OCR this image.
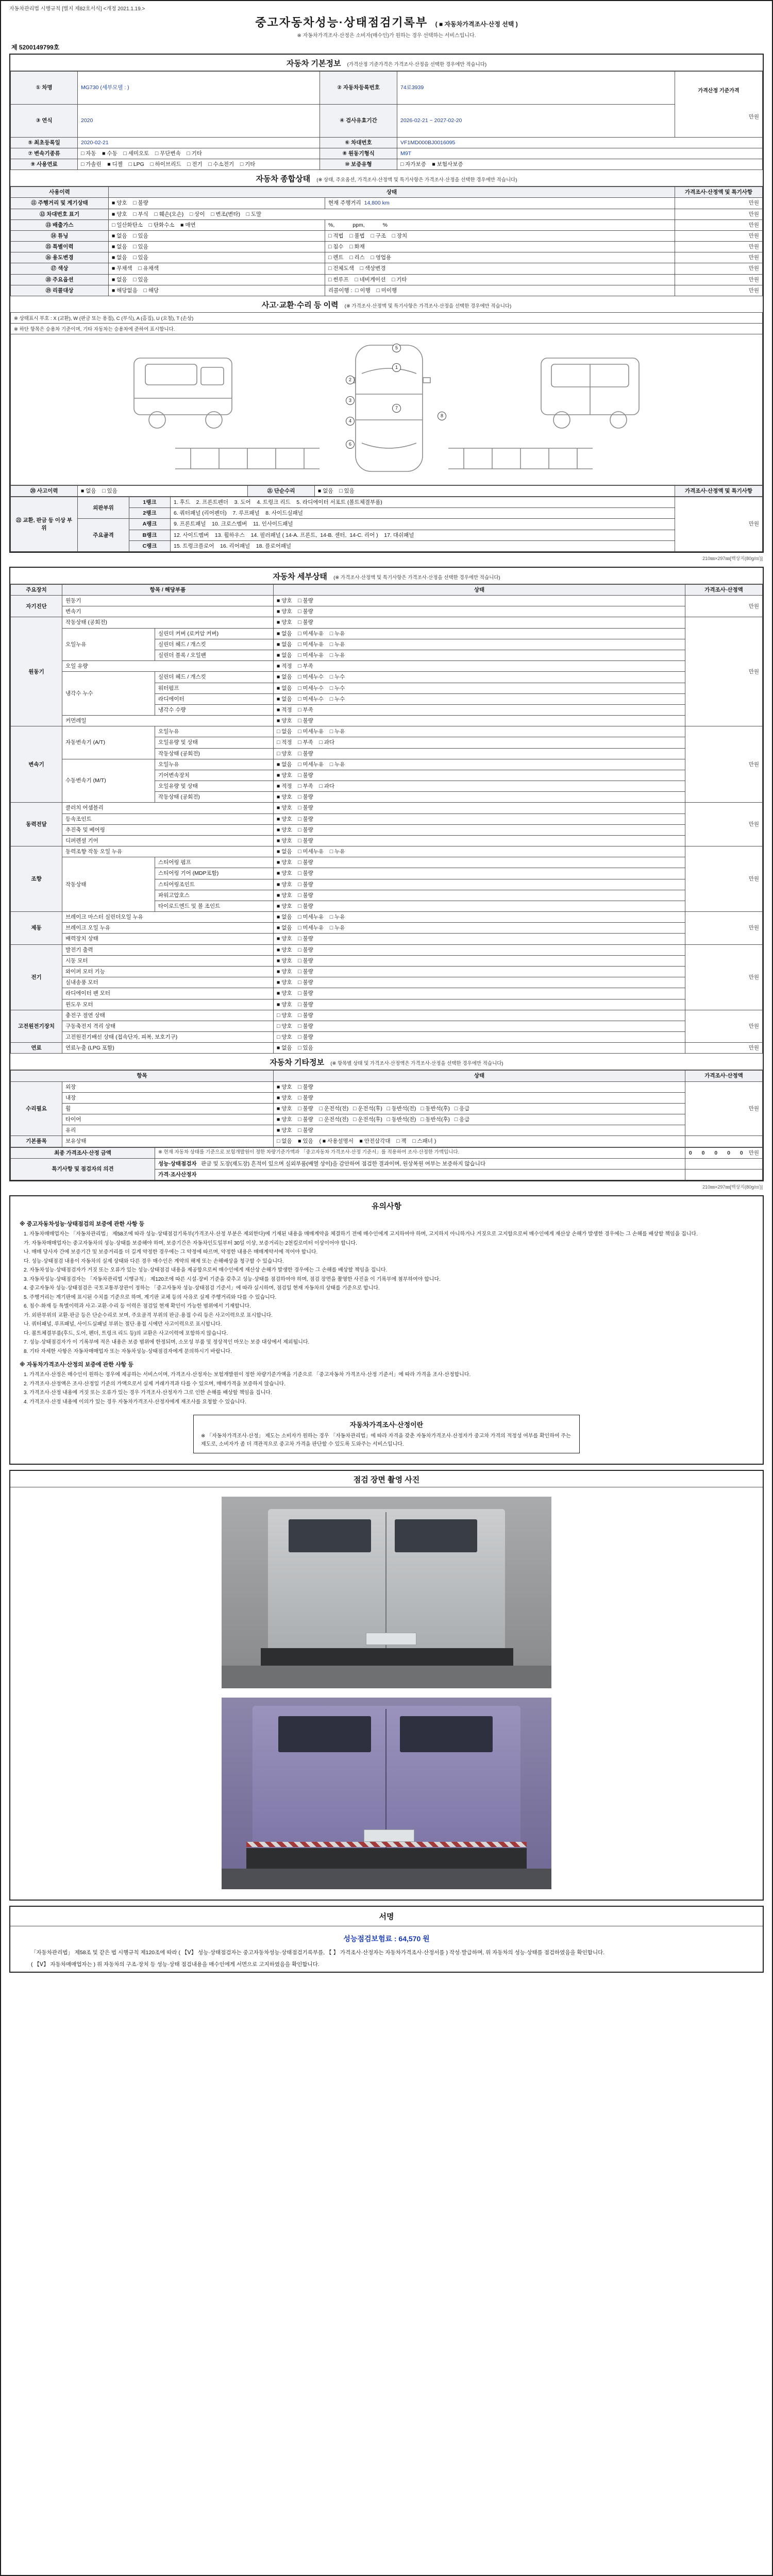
자동차관리법 시행규칙 [별지 제82호서식] <개정 2021.1.19.>
중고자동차성능·상태점검기록부 ( ■ 자동차가격조사·산정 선택 )
※ 자동차가격조사·산정은 소비자(매수인)가 원하는 경우 선택하는 서비스입니다.
제 5200149799호
자동차 기본정보 (가격산정 기준가격은 가격조사·산정을 선택한 경우에만 적습니다)
① 차명	MG730 (세부모델 : )	② 자동차등록번호	74로3939	가격산정 기준가격

만원

③ 연식	2020	④ 검사유효기간	2026-02-21 ~ 2027-02-20	
⑤ 최초등록일	2020-02-21	⑥ 차대번호	VF1MD000BJ0016095	
⑦ 변속기종류	□ 자동    ■ 수동    □ 세미오토    □ 무단변속    □ 기타	⑧ 원동기형식	M9T	
⑨ 사용연료	□ 가솔린    ■ 디젤    □ LPG    □ 하이브리드    □ 전기    □ 수소전기    □ 기타	⑩ 보증유형	□ 자가보증    ■ 보험사보증	
자동차 종합상태 (※ 상태, 주요옵션, 가격조사·산정액 및 특기사항은 가격조사·산정을 선택한 경우에만 적습니다)
사용이력	상태		가격조사·산정액 및 특기사항
⑪ 주행거리 및 계기상태	■ 양호    □ 불량	현재 주행거리 14,800 km	만원
⑫ 차대번호 표기	■ 양호    □ 부식    □ 훼손(오손)    □ 상이    □ 변조(변타)    □ 도말		만원
⑬ 배출가스	□ 일산화탄소    □ 탄화수소    ■ 매연	%,            ppm,            %	만원
⑭ 튜닝	■ 없음    □ 있음	□ 적법    □ 불법 □ 구조    □ 장치	만원
⑮ 특별이력	■ 없음    □ 있음	□ 침수    □ 화재	만원
⑯ 용도변경	■ 없음    □ 있음	□ 렌트    □ 리스    □ 영업용	만원
⑰ 색상	■ 무채색    □ 유채색	□ 전체도색    □ 색상변경	만원
⑱ 주요옵션	■ 없음    □ 있음	□ 썬루프    □ 네비게이션    □ 기타	만원
⑲ 리콜대상	■ 해당없음    □ 해당	리콜이행 :  □ 이행    □ 미이행	만원
사고·교환·수리 등 이력 (※ 가격조사·산정액 및 특기사항은 가격조사·산정을 선택한 경우에만 적습니다)
※ 상태표시 부호 : X (교환), W (판금 또는 용접), C (부식), A (흠집), U (요철), T (손상)
※ 하단 항목은 승용차 기준이며, 기타 자동차는 승용차에 준하여 표시합니다.
1
2
3
4
5
6
7
8
⑳ 사고이력	■ 없음    □ 있음	㉑ 단순수리	■ 없음    □ 있음	가격조사·산정액 및 특기사항
㉒ 교환, 판금 등 이상 부위	외판부위	1랭크	1. 후드    2. 프론트펜더    3. 도어    4. 트렁크 리드    5. 라디에이터 서포트 (볼트체결부품)	만원
		2랭크	6. 쿼터패널 (리어펜더)    7. 루프패널    8. 사이드실패널	
	주요골격	A랭크	9. 프론트패널    10. 크로스멤버    11. 인사이드패널	
		B랭크	12. 사이드멤버    13. 휠하우스    14. 필러패널 ( 14-A. 프론트,  14-B. 센터,  14-C. 리어 )    17. 대쉬패널	
		C랭크	15. 트렁크플로어    16. 리어패널    18. 플로어패널	
210㎜×297㎜[백상지(80g/㎡)]
자동차 세부상태 (※ 가격조사·산정액 및 특기사항은 가격조사·산정을 선택한 경우에만 적습니다)
주요장치	항목 / 해당부품		상태	가격조사·산정액
자기진단	원동기		■ 양호    □ 불량	만원
	변속기		■ 양호    □ 불량	
원동기	작동상태 (공회전)		■ 양호    □ 불량	만원
	오일누유	실린더 커버 (로커암 커버)	■ 없음    □ 미세누유    □ 누유	
		실린더 헤드 / 개스킷	■ 없음    □ 미세누유    □ 누유	
		실린더 블록 / 오일팬	■ 없음    □ 미세누유    □ 누유	
	오일 유량		■ 적정    □ 부족	
	냉각수 누수	실린더 헤드 / 개스킷	■ 없음    □ 미세누수    □ 누수	
		워터펌프	■ 없음    □ 미세누수    □ 누수	
		라디에이터	■ 없음    □ 미세누수    □ 누수	
		냉각수 수량	■ 적정    □ 부족	
	커먼레일		■ 양호    □ 불량	
변속기	자동변속기 (A/T)	오일누유	□ 없음    □ 미세누유    □ 누유	만원
		오일유량 및 상태	□ 적정    □ 부족    □ 과다	
		작동상태 (공회전)	□ 양호    □ 불량	
	수동변속기 (M/T)	오일누유	■ 없음    □ 미세누유    □ 누유	
		기어변속장치	■ 양호    □ 불량	
		오일유량 및 상태	■ 적정    □ 부족    □ 과다	
		작동상태 (공회전)	■ 양호    □ 불량	
동력전달	클러치 어셈블리		■ 양호    □ 불량	만원
	등속조인트		■ 양호    □ 불량	
	추진축 및 베어링		■ 양호    □ 불량	
	디퍼렌셜 기어		■ 양호    □ 불량	
조향	동력조향 작동 오일 누유		■ 없음    □ 미세누유    □ 누유	만원
	작동상태	스티어링 펌프	■ 양호    □ 불량	
		스티어링 기어 (MDP포함)	■ 양호    □ 불량	
		스티어링조인트	■ 양호    □ 불량	
		파워고압호스	■ 양호    □ 불량	
		타이로드엔드 및 볼 조인트	■ 양호    □ 불량	
제동	브레이크 마스터 실린더오일 누유		■ 없음    □ 미세누유    □ 누유	만원
	브레이크 오일 누유		■ 없음    □ 미세누유    □ 누유	
	배력장치 상태		■ 양호    □ 불량	
전기	발전기 출력		■ 양호    □ 불량	만원
	시동 모터		■ 양호    □ 불량	
	와이퍼 모터 기능		■ 양호    □ 불량	
	실내송풍 모터		■ 양호    □ 불량	
	라디에이터 팬 모터		■ 양호    □ 불량	
	윈도우 모터		■ 양호    □ 불량	
고전원전기장치	충전구 절연 상태		□ 양호    □ 불량	만원
	구동축전지 격리 상태		□ 양호    □ 불량	
	고전원전기배선 상태 (접속단자, 피복, 보호기구)		□ 양호    □ 불량	
연료	연료누출 (LPG 포함)		■ 없음    □ 있음	만원
자동차 기타정보 (※ 항목별 상태 및 가격조사·산정액은 가격조사·산정을 선택한 경우에만 적습니다)
항목		상태	가격조사·산정액
수리필요	외장	■ 양호    □ 불량	만원
	내장	■ 양호    □ 불량	
	휠	■ 양호    □ 불량 □ 운전석(전)   □ 운전석(후)   □ 동반석(전)   □ 동반석(후)   □ 응급	
	타이어	■ 양호    □ 불량 □ 운전석(전)   □ 운전석(후)   □ 동반석(전)   □ 동반석(후)   □ 응급	
	유리	■ 양호    □ 불량	
기본품목	보유상태	□ 없음    ■ 있음 ( ■ 사용설명서    ■ 안전삼각대    □ 잭    □ 스패너 )	
최종 가격조사·산정 금액	※ 현재 자동차 상태를 기준으로 보험개발원이 정한 차량기준가액과 「중고자동차 가격조사·산정 기준서」를 적용하여 조사·산정한 가액입니다.	0 0 0 0 0 만원
특기사항 및 점검자의 의견	성능·상태점검자 판금 및 도장(재도장) 흔적이 있으며 실외부품(배열 상이)을 감안하여 점검한 결과이며, 원상복원 여부는 보증하지 않습니다	
	가격·조사산정자	
210㎜×297㎜[백상지(80g/㎡)]
유의사항
※ 중고자동차성능·상태점검의 보증에 관한 사항 등
1. 자동차매매업자는 「자동차관리법」 제58조에 따라 성능·상태점검기록부(가격조사·산정 부분은 제외한다)에 기재된 내용을 매매계약을 체결하기 전에 매수인에게 고지하여야 하며, 고지하지 아니하거나 거짓으로 고지함으로써 매수인에게 재산상 손해가 발생한 경우에는 그 손해를 배상할 책임을 집니다.
가. 자동차매매업자는 중고자동차의 성능·상태를 보증해야 하며, 보증기간은 자동차인도일부터 30일 이상, 보증거리는 2천킬로미터 이상이어야 합니다.
나. 매매 당사자 간에 보증기간 및 보증거리를 더 길게 약정한 경우에는 그 약정에 따르며, 약정한 내용은 매매계약서에 적어야 합니다.
다. 성능·상태점검 내용이 자동차의 실제 상태와 다른 경우 매수인은 계약의 해제 또는 손해배상을 청구할 수 있습니다.
2. 자동차성능·상태점검자가 거짓 또는 오류가 있는 성능·상태점검 내용을 제공함으로써 매수인에게 재산상 손해가 발생한 경우에는 그 손해를 배상할 책임을 집니다.
3. 자동차성능·상태점검자는 「자동차관리법 시행규칙」 제120조에 따른 시설·장비 기준을 갖추고 성능·상태를 점검하여야 하며, 점검 장면을 촬영한 사진을 이 기록부에 첨부하여야 합니다.
4. 중고자동차 성능·상태점검은 국토교통부장관이 정하는 「중고자동차 성능·상태점검 기준서」에 따라 실시하며, 점검일 현재 자동차의 상태를 기준으로 합니다.
5. 주행거리는 계기판에 표시된 수치를 기준으로 하며, 계기판 교체 등의 사유로 실제 주행거리와 다를 수 있습니다.
6. 침수·화재 등 특별이력과 사고·교환·수리 등 이력은 점검일 현재 확인이 가능한 범위에서 기재합니다.
가. 외판부위의 교환·판금 등은 단순수리로 보며, 주요골격 부위의 판금·용접 수리 등은 사고이력으로 표시합니다.
나. 쿼터패널, 루프패널, 사이드실패널 부위는 절단·용접 시에만 사고이력으로 표시합니다.
다. 볼트체결부품(후드, 도어, 펜더, 트렁크 리드 등)의 교환은 사고이력에 포함하지 않습니다.
7. 성능·상태점검자가 이 기록부에 적은 내용은 보증 범위에 한정되며, 소모성 부품 및 정상적인 마모는 보증 대상에서 제외됩니다.
8. 기타 자세한 사항은 자동차매매업자 또는 자동차성능·상태점검자에게 문의하시기 바랍니다.
※ 자동차가격조사·산정의 보증에 관한 사항 등
1. 가격조사·산정은 매수인이 원하는 경우에 제공하는 서비스이며, 가격조사·산정자는 보험개발원이 정한 차량기준가액을 기준으로 「중고자동차 가격조사·산정 기준서」에 따라 가격을 조사·산정합니다.
2. 가격조사·산정액은 조사·산정일 기준의 가액으로서 실제 거래가격과 다를 수 있으며, 매매가격을 보증하지 않습니다.
3. 가격조사·산정 내용에 거짓 또는 오류가 있는 경우 가격조사·산정자가 그로 인한 손해를 배상할 책임을 집니다.
4. 가격조사·산정 내용에 이의가 있는 경우 자동차가격조사·산정자에게 재조사를 요청할 수 있습니다.
자동차가격조사·산정이란
※ 「자동차가격조사·산정」 제도는 소비자가 원하는 경우 「자동차관리법」에 따라 자격을 갖춘 자동차가격조사·산정자가 중고차 가격의 적정성 여부를 확인하여 주는 제도로, 소비자가 좀 더 객관적으로 중고차 가격을 판단할 수 있도록 도와주는 서비스입니다.
점검 장면 촬영 사진
서명
성능점검보험료 : 64,570 원
「자동차관리법」 제58조 및 같은 법 시행규칙 제120조에 따라 ( 【Ⅴ】 성능·상태점검자는 중고자동차성능·상태점검기록부를, 【 】 가격조사·산정자는 자동차가격조사·산정서를 ) 작성·발급하며, 위 자동차의 성능·상태를 점검하였음을 확인합니다.
( 【Ⅴ】 자동차매매업자는 ) 위 자동차의 구조·장치 등 성능·상태 점검내용을 매수인에게 서면으로 고지하였음을 확인합니다.
